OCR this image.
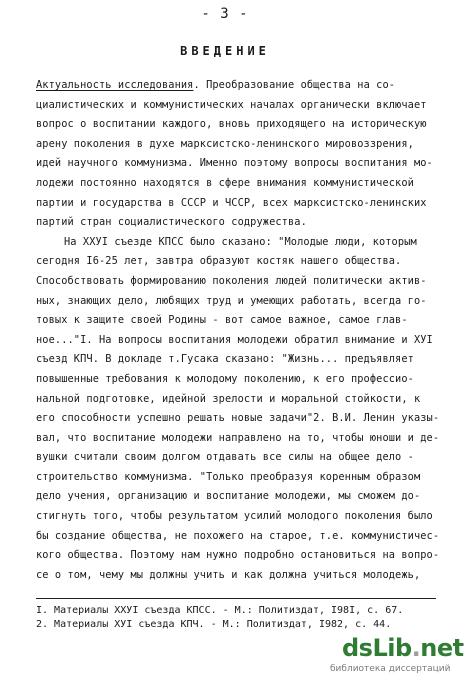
- 3 -
ВВЕДЕНИЕ
Актуальность исследования. Преобразование общества на со-
циалистических и коммунистических началах органически включает
вопрос о воспитании каждого, вновь приходящего на историческую
арену поколения в духе марксистско-ленинского мировоззрения,
идей научного коммунизма. Именно поэтому вопросы воспитания мо-
лодежи постоянно находятся в сфере внимания коммунистической
партии и государства в СССР и ЧССР, всех марксистско-ленинских
партий стран социалистического содружества.
На ХХУI съезде КПСС было сказано: "Молодые люди, которым
сегодня I6-25 лет, завтра образуют костяк нашего общества.
Способствовать формированию поколения людей политически актив-
ных, знающих дело, любящих труд и умеющих работать, всегда го-
товых к защите своей Родины - вот самое важное, самое глав-
ное..."I. На вопросы воспитания молодежи обратил внимание и ХУI
съезд КПЧ. В докладе т.Гусака сказано: "Жизнь... предъявляет
повышенные требования к молодому поколению, к его профессио-
нальной подготовке, идейной зрелости и моральной стойкости, к
его способности успешно решать новые задачи"2. В.И. Ленин указы-
вал, что воспитание молодежи направлено на то, чтобы юноши и де-
вушки считали своим долгом отдавать все силы на общее дело -
строительство коммунизма. "Только преобразуя коренным образом
дело учения, организацию и воспитание молодежи, мы сможем до-
стигнуть того, чтобы результатом усилий молодого поколения было
бы создание общества, не похожего на старое, т.е. коммунистичес-
кого общества. Поэтому нам нужно подробно остановиться на вопро-
се о том, чему мы должны учить и как должна учиться молодежь,
I. Материалы ХХУI съезда КПСС. - М.: Политиздат, I98I, с. 67.
2. Материалы ХУI съезда КПЧ. - М.: Политиздат, I982, с. 44.
dsLib.net
библиотека диссертаций
